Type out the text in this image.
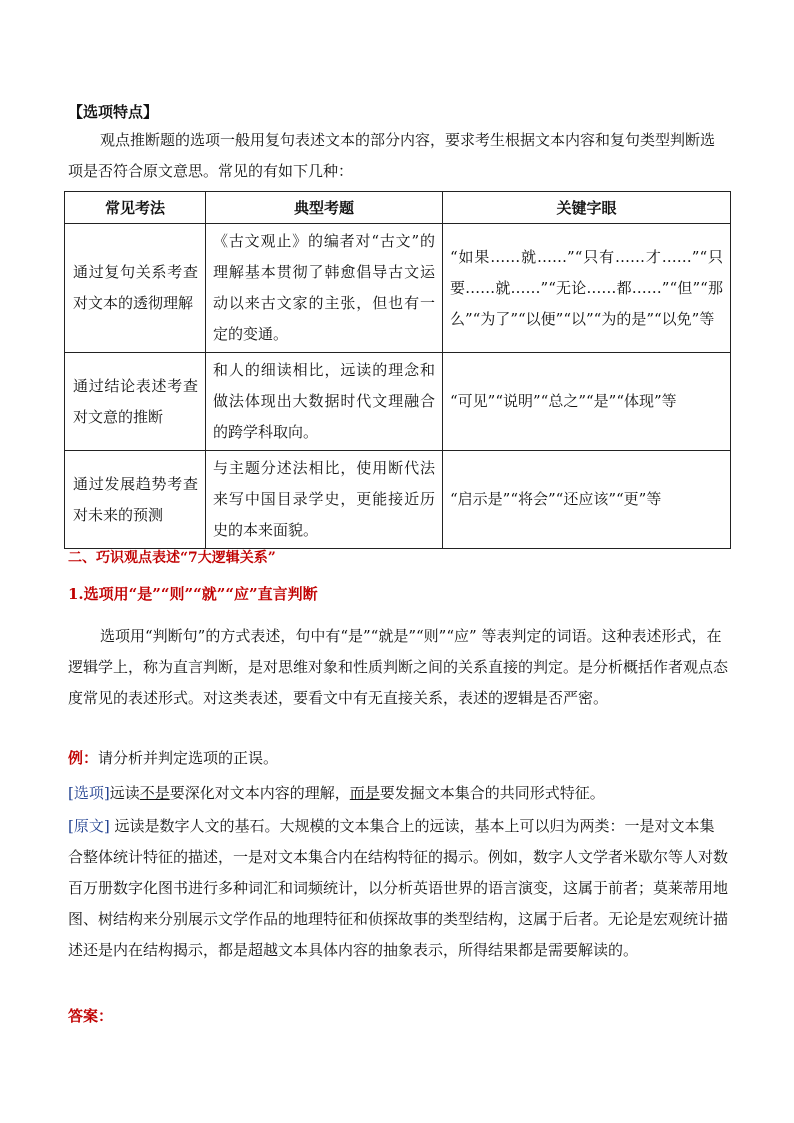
【选项特点】
观点推断题的选项一般用复句表述文本的部分内容，要求考生根据文本内容和复句类型判断选项是否符合原文意思。常见的有如下几种：
常见考法	典型考题	关键字眼
通过复句关系考查对文本的透彻理解	《古文观止》的编者对“古文”的理解基本贯彻了韩愈倡导古文运动以来古文家的主张，但也有一定的变通。	“如果……就……”“只有……才……”“只要……就……”“无论……都……”“但”“那么”“为了”“以便”“以”“为的是”“以免”等
通过结论表述考查对文意的推断	和人的细读相比，远读的理念和做法体现出大数据时代文理融合的跨学科取向。	“可见”“说明”“总之”“是”“体现”等
通过发展趋势考查对未来的预测	与主题分述法相比，使用断代法来写中国目录学史，更能接近历史的本来面貌。	“启示是”“将会”“还应该”“更”等
二、巧识观点表述“7大逻辑关系”
1.选项用“是”“则”“就”“应”直言判断
选项用“判断句”的方式表述，句中有“是”“就是”“则”“应” 等表判定的词语。这种表述形式，在逻辑学上，称为直言判断，是对思维对象和性质判断之间的关系直接的判定。是分析概括作者观点态度常见的表述形式。对这类表述，要看文中有无直接关系，表述的逻辑是否严密。
例：请分析并判定选项的正误。
[选项]远读不是要深化对文本内容的理解，而是要发掘文本集合的共同形式特征。
[原文] 远读是数字人文的基石。大规模的文本集合上的远读，基本上可以归为两类：一是对文本集合整体统计特征的描述，一是对文本集合内在结构特征的揭示。例如，数字人文学者米歇尔等人对数百万册数字化图书进行多种词汇和词频统计，以分析英语世界的语言演变，这属于前者；莫莱蒂用地图、树结构来分别展示文学作品的地理特征和侦探故事的类型结构，这属于后者。无论是宏观统计描述还是内在结构揭示，都是超越文本具体内容的抽象表示，所得结果都是需要解读的。
答案：
